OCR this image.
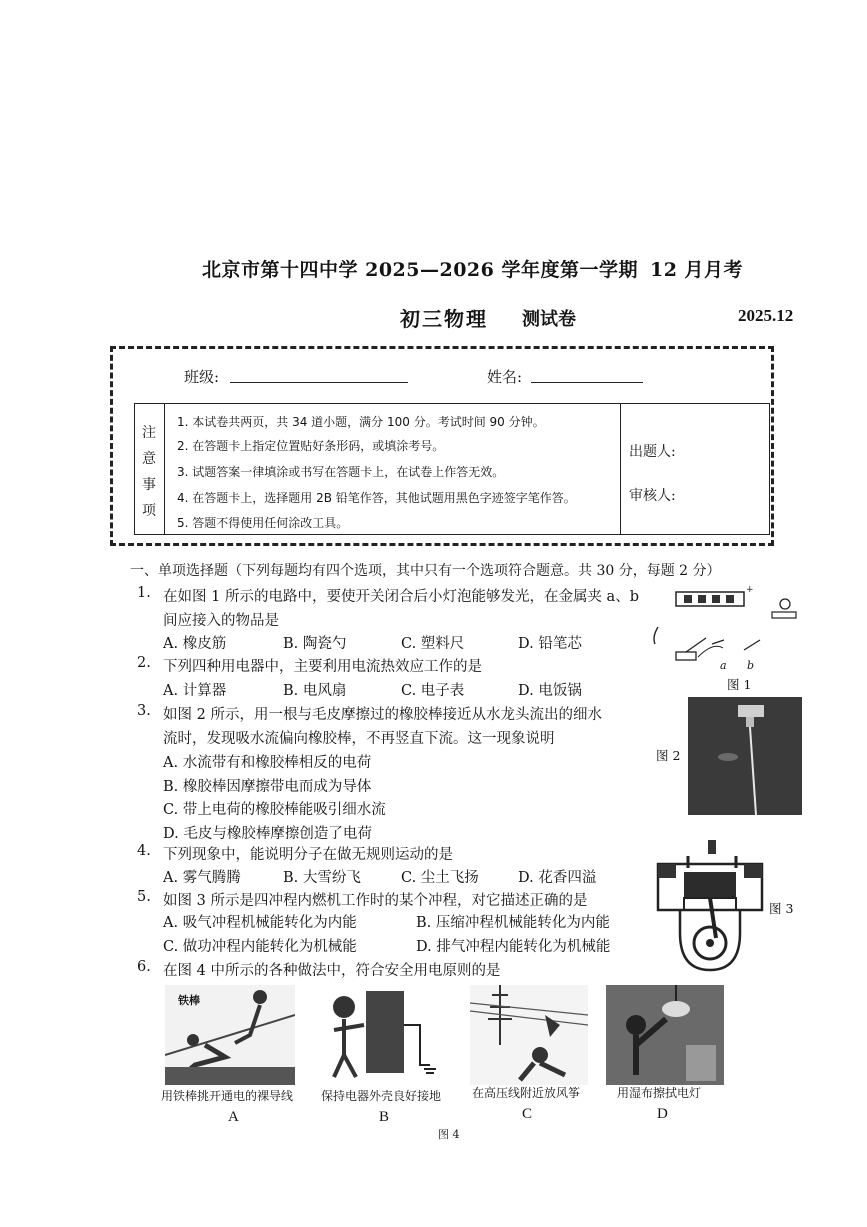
北京市第十四中学 2025—2026 学年度第一学期 12 月月考
初三物理 测试卷	2025.12
班级:	姓名:
注
意
事
项
1. 本试卷共两页，共 34 道小题，满分 100 分。考试时间 90 分钟。
2. 在答题卡上指定位置贴好条形码，或填涂考号。
3. 试题答案一律填涂或书写在答题卡上，在试卷上作答无效。
4. 在答题卡上，选择题用 2B 铅笔作答，其他试题用黑色字迹签字笔作答。
5. 答题不得使用任何涂改工具。
出题人:
审核人:
一、单项选择题（下列每题均有四个选项，其中只有一个选项符合题意。共 30 分，每题 2 分）
1. 在如图 1 所示的电路中，要使开关闭合后小灯泡能够发光，在金属夹 a、b
间应接入的物品是
A. 橡皮筋	B. 陶瓷勺	C. 塑料尺	D. 铅笔芯
2. 下列四种用电器中，主要利用电流热效应工作的是
A. 计算器	B. 电风扇	C. 电子表	D. 电饭锅
3. 如图 2 所示，用一根与毛皮摩擦过的橡胶棒接近从水龙头流出的细水
流时，发现吸水流偏向橡胶棒，不再竖直下流。这一现象说明
A. 水流带有和橡胶棒相反的电荷
B. 橡胶棒因摩擦带电而成为导体
C. 带上电荷的橡胶棒能吸引细水流
D. 毛皮与橡胶棒摩擦创造了电荷
4. 下列现象中，能说明分子在做无规则运动的是
A. 雾气腾腾	B. 大雪纷飞	C. 尘土飞扬	D. 花香四溢
5. 如图 3 所示是四冲程内燃机工作时的某个冲程，对它描述正确的是
A. 吸气冲程机械能转化为内能	B. 压缩冲程机械能转化为内能
C. 做功冲程内能转化为机械能	D. 排气冲程内能转化为机械能
6. 在图 4 中所示的各种做法中，符合安全用电原则的是
+
a b
图 1
图 2
图 3
铁棒
用铁棒挑开通电的裸导线 保持电器外壳良好接地	在高压线附近放风筝	用湿布擦拭电灯
A	B	C	D
图 4
